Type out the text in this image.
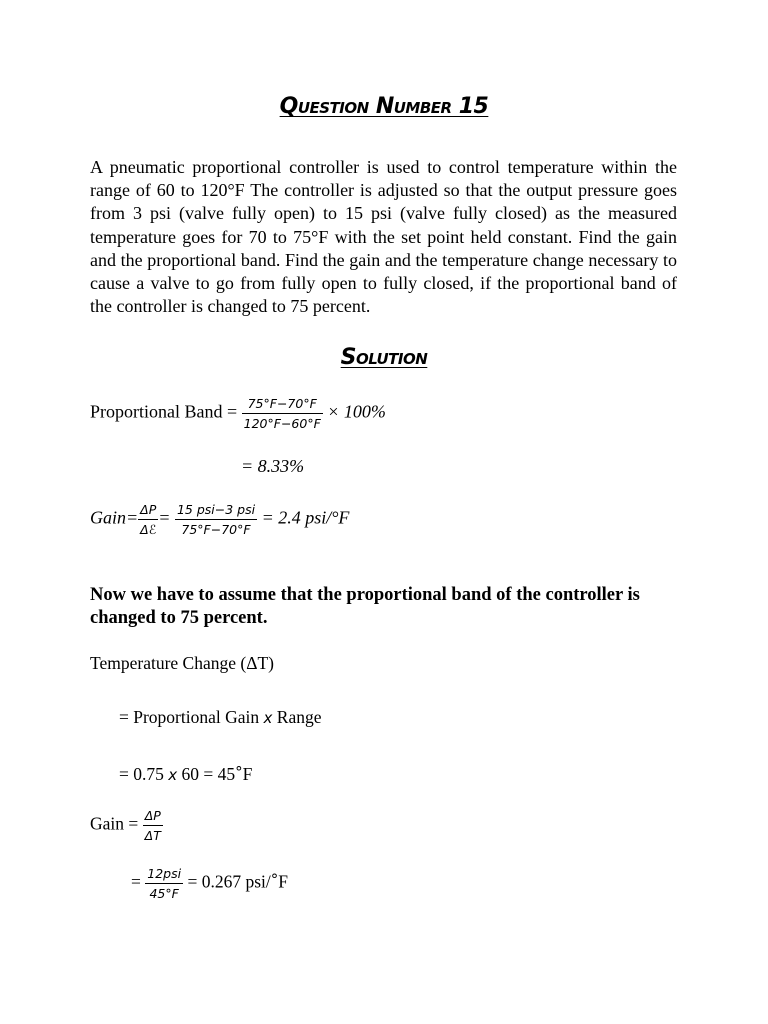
Question Number 15
A pneumatic proportional controller is used to control temperature within the range of 60 to 120°F The controller is adjusted so that the output pressure goes from 3 psi (valve fully open) to 15 psi (valve fully closed) as the measured temperature goes for 70 to 75°F with the set point held constant. Find the gain and the proportional band. Find the gain and the temperature change necessary to cause a valve to go from fully open to fully closed, if the proportional band of the controller is changed to 75 percent.
Solution
Proportional Band = $\frac{75^\circ F-70^\circ F}{120^\circ F-60^\circ F} \times 100\%$
= 8.33%
Gain= $\frac{\Delta P}{\text{Δℰ}} = \frac{\text{15 psi−3 psi}}{75^\circ F-70^\circ F} = 2.4$ psi/°F
Now we have to assume that the proportional band of the controller is changed to 75 percent.
Temperature Change (ΔT)
= Proportional Gain x Range
= 0.75 x 60 = 45°F
Gain = $\frac{\Delta P}{\Delta T}$
= $\frac{\text{12psi}}{45^\circ F} = 0.267$ psi/°F
